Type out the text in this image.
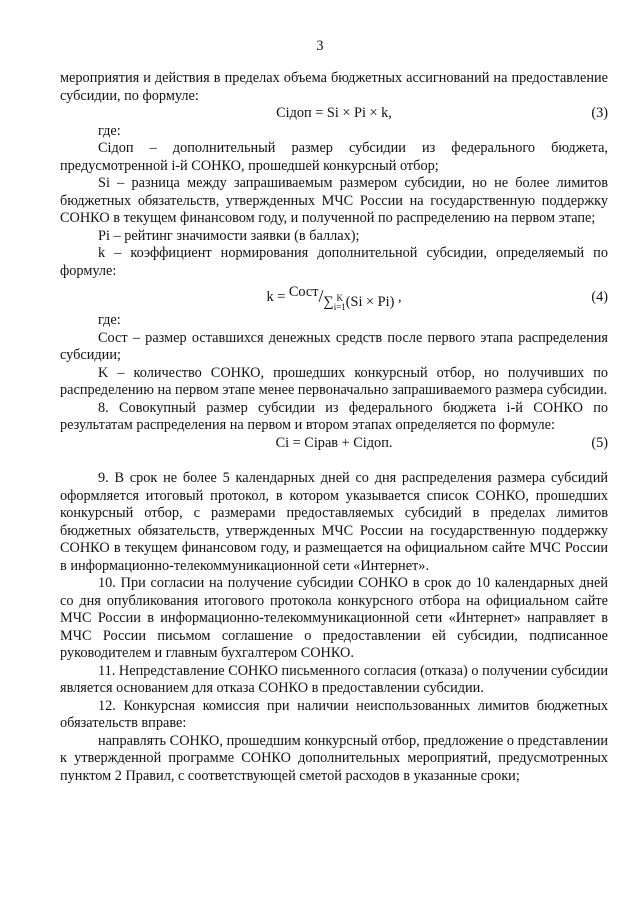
3

мероприятия и действия в пределах объема бюджетных ассигнований на предоставление субсидии, по формуле:

Сiдоп = Si × Pi × k,	(3)

где:

Сiдоп – дополнительный размер субсидии из федерального бюджета, предусмотренной i-й СОНКО, прошедшей конкурсный отбор;

Si – разница между запрашиваемым размером субсидии, но не более лимитов бюджетных обязательств, утвержденных МЧС России на государственную поддержку СОНКО в текущем финансовом году, и полученной по распределению на первом этапе;

Pi – рейтинг значимости заявки (в баллах);

k – коэффициент нормирования дополнительной субсидии, определяемый по формуле:

k = Сост/∑ K
i=1 (Si × Pi) ,	(4)

где:

Сост – размер оставшихся денежных средств после первого этапа распределения субсидии;

K – количество СОНКО, прошедших конкурсный отбор, но получивших по распределению на первом этапе менее первоначально запрашиваемого размера субсидии.

8. Совокупный размер субсидии из федерального бюджета i-й СОНКО по результатам распределения на первом и втором этапах определяется по формуле:

Ci = Ciрав + Ciдоп.	(5)

9. В срок не более 5 календарных дней со дня распределения размера субсидий оформляется итоговый протокол, в котором указывается список СОНКО, прошедших конкурсный отбор, с размерами предоставляемых субсидий в пределах лимитов бюджетных обязательств, утвержденных МЧС России на государственную поддержку СОНКО в текущем финансовом году, и размещается на официальном сайте МЧС России в информационно-телекоммуникационной сети «Интернет».

10. При согласии на получение субсидии СОНКО в срок до 10 календарных дней со дня опубликования итогового протокола конкурсного отбора на официальном сайте МЧС России в информационно-телекоммуникационной сети «Интернет» направляет в МЧС России письмом соглашение о предоставлении ей субсидии, подписанное руководителем и главным бухгалтером СОНКО.

11. Непредставление СОНКО письменного согласия (отказа) о получении субсидии является основанием для отказа СОНКО в предоставлении субсидии.

12. Конкурсная комиссия при наличии неиспользованных лимитов бюджетных обязательств вправе:

направлять СОНКО, прошедшим конкурсный отбор, предложение о представлении к утвержденной программе СОНКО дополнительных мероприятий, предусмотренных пунктом 2 Правил, с соответствующей сметой расходов в указанные сроки;
